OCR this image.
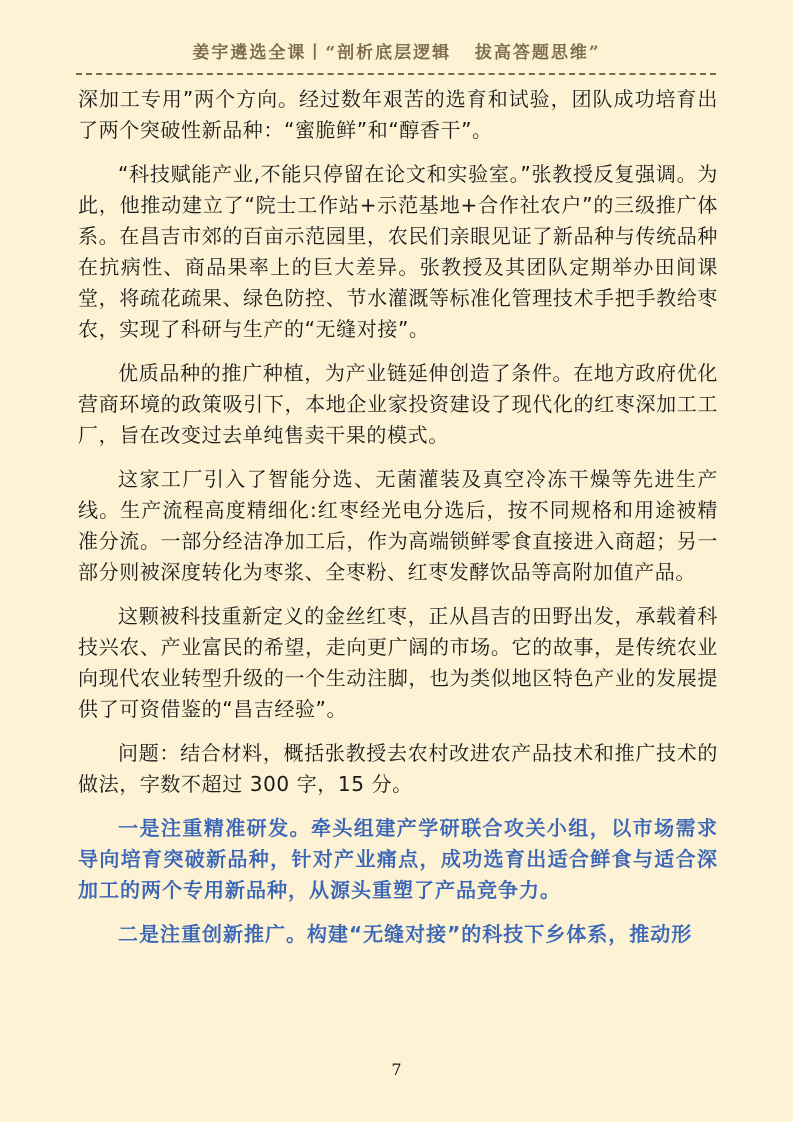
姜宇遴选全课丨“剖析底层逻辑   拔高答题思维”

深加工专用”两个方向。经过数年艰苦的选育和试验，团队成功培育出了两个突破性新品种：“蜜脆鲜”和“醇香干”。

“科技赋能产业,不能只停留在论文和实验室。”张教授反复强调。为此，他推动建立了“院士工作站+示范基地+合作社农户”的三级推广体系。在昌吉市郊的百亩示范园里，农民们亲眼见证了新品种与传统品种在抗病性、商品果率上的巨大差异。张教授及其团队定期举办田间课堂，将疏花疏果、绿色防控、节水灌溉等标准化管理技术手把手教给枣农，实现了科研与生产的“无缝对接”。

优质品种的推广种植，为产业链延伸创造了条件。在地方政府优化营商环境的政策吸引下，本地企业家投资建设了现代化的红枣深加工工厂，旨在改变过去单纯售卖干果的模式。

这家工厂引入了智能分选、无菌灌装及真空冷冻干燥等先进生产线。生产流程高度精细化:红枣经光电分选后，按不同规格和用途被精准分流。一部分经洁净加工后，作为高端锁鲜零食直接进入商超；另一部分则被深度转化为枣浆、全枣粉、红枣发酵饮品等高附加值产品。

这颗被科技重新定义的金丝红枣，正从昌吉的田野出发，承载着科技兴农、产业富民的希望，走向更广阔的市场。它的故事，是传统农业向现代农业转型升级的一个生动注脚，也为类似地区特色产业的发展提供了可资借鉴的“昌吉经验”。

问题：结合材料，概括张教授去农村改进农产品技术和推广技术的做法，字数不超过 300 字，15 分。

一是注重精准研发。牵头组建产学研联合攻关小组，以市场需求导向培育突破新品种，针对产业痛点，成功选育出适合鲜食与适合深加工的两个专用新品种，从源头重塑了产品竞争力。

二是注重创新推广。构建“无缝对接”的科技下乡体系，推动形

7
